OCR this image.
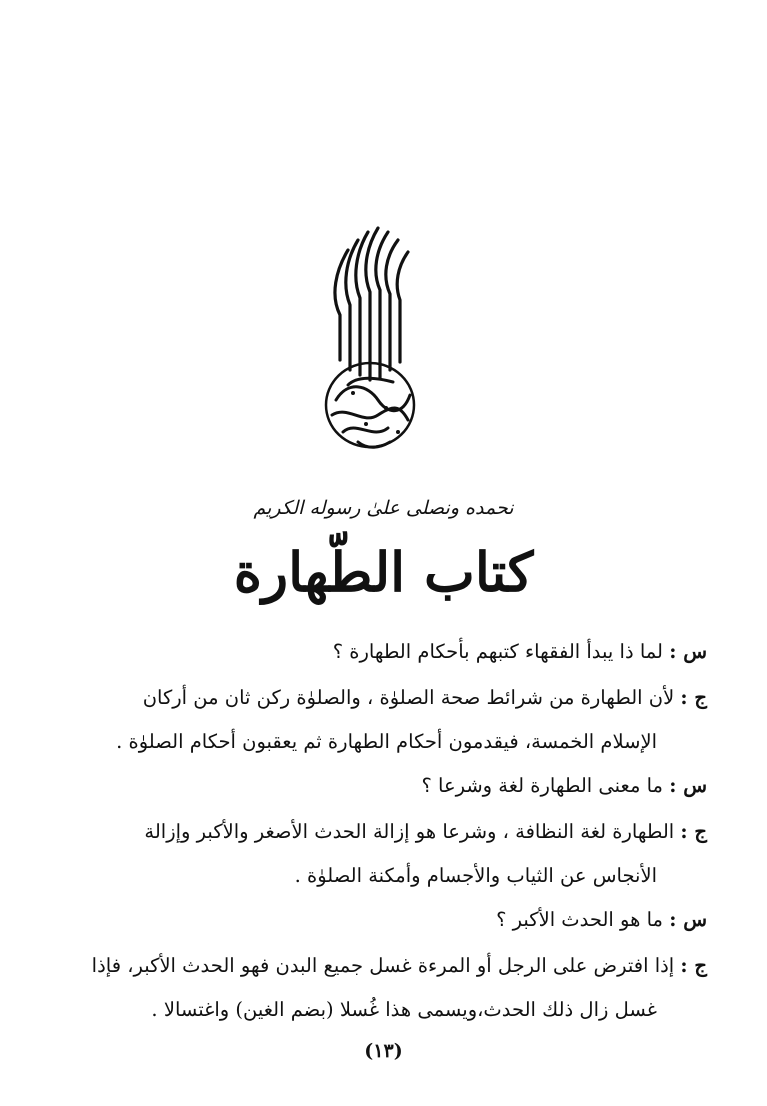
نحمده ونصلى علىٰ رسوله الكريم
كتاب الطّهارة
س : لما ذا يبدأ الفقهاء كتبهم بأحكام الطهارة ؟
ج : لأن الطهارة من شرائط صحة الصلوٰة ، والصلوٰة ركن ثان من أركان
الإسلام الخمسة، فيقدمون أحكام الطهارة ثم يعقبون أحكام الصلوٰة .
س : ما معنى الطهارة لغة وشرعا ؟
ج : الطهارة لغة النظافة ، وشرعا هو إزالة الحدث الأصغر والأكبر وإزالة
الأنجاس عن الثياب والأجسام وأمكنة الصلوٰة .
س : ما هو الحدث الأكبر ؟
ج : إذا افترض على الرجل أو المرءة غسل جميع البدن فهو الحدث الأكبر، فإذا
غسل زال ذلك الحدث،ويسمى هذا غُسلا (بضم الغين) واغتسالا .
(١٣)
